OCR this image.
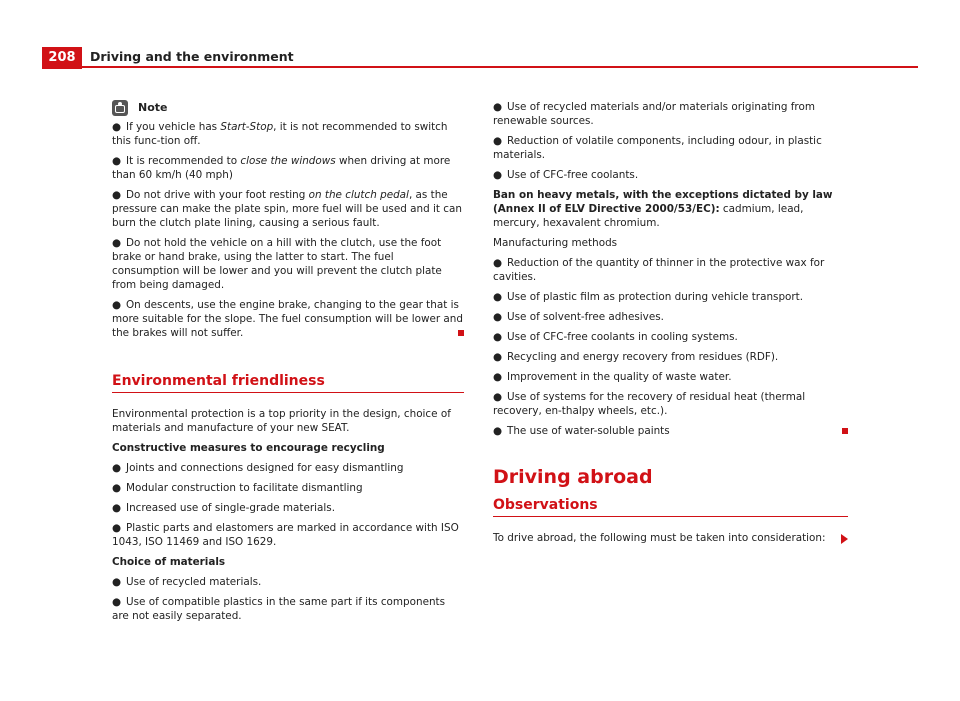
208	Driving and the environment
Note
● If you vehicle has Start-Stop, it is not recommended to switch this func-tion off.
● It is recommended to close the windows when driving at more than 60 km/h (40 mph)
● Do not drive with your foot resting on the clutch pedal, as the pressure can make the plate spin, more fuel will be used and it can burn the clutch plate lining, causing a serious fault.
● Do not hold the vehicle on a hill with the clutch, use the foot brake or hand brake, using the latter to start. The fuel consumption will be lower and you will prevent the clutch plate from being damaged.
● On descents, use the engine brake, changing to the gear that is more suitable for the slope. The fuel consumption will be lower and the brakes will not suffer.
Environmental friendliness

Environmental protection is a top priority in the design, choice of materials and manufacture of your new SEAT.

Constructive measures to encourage recycling

● Joints and connections designed for easy dismantling
● Modular construction to facilitate dismantling
● Increased use of single-grade materials.
● Plastic parts and elastomers are marked in accordance with ISO 1043, ISO 11469 and ISO 1629.

Choice of materials

● Use of recycled materials.
● Use of compatible plastics in the same part if its components are not easily separated.
● Use of recycled materials and/or materials originating from renewable sources.
● Reduction of volatile components, including odour, in plastic materials.
● Use of CFC-free coolants.

Ban on heavy metals, with the exceptions dictated by law (Annex II of ELV Directive 2000/53/EC): cadmium, lead, mercury, hexavalent chromium.

Manufacturing methods

● Reduction of the quantity of thinner in the protective wax for cavities.
● Use of plastic film as protection during vehicle transport.
● Use of solvent-free adhesives.
● Use of CFC-free coolants in cooling systems.
● Recycling and energy recovery from residues (RDF).
● Improvement in the quality of waste water.
● Use of systems for the recovery of residual heat (thermal recovery, en-thalpy wheels, etc.).
● The use of water-soluble paints
Driving abroad
Observations

To drive abroad, the following must be taken into consideration:
